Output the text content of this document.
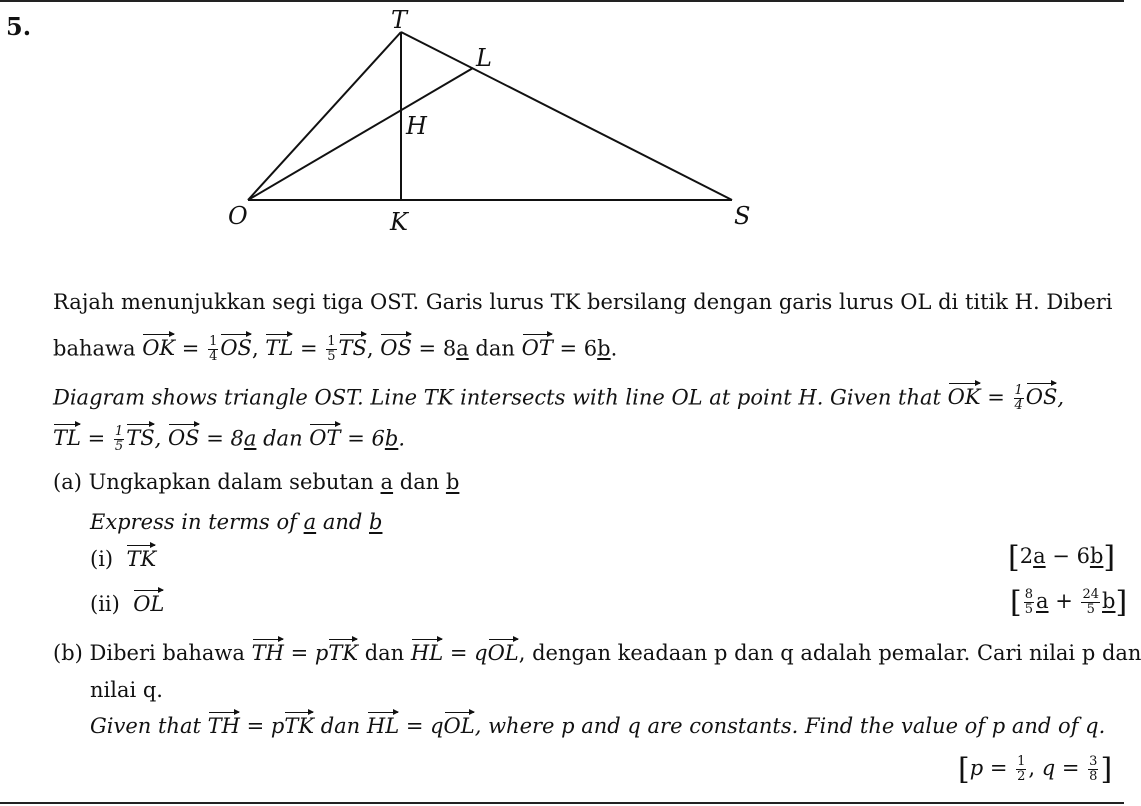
5.	T
L
H
O	K	S
Rajah menunjukkan segi tiga OST. Garis lurus TK bersilang dengan garis lurus OL di titik H. Diberi
bahawa OK = $\frac{1}{4}$ OS, TL = $\frac{1}{5}$ TS, OS = 8a dan OT = 6b.
Diagram shows triangle OST. Line TK intersects with line OL at point H. Given that OK = $\frac{1}{4}$ OS,
TL = $\frac{1}{5}$ TS, OS = 8a dan OT = 6b.
(a) Ungkapkan dalam sebutan a dan b
Express in terms of a and b
(i) TK	[2a − 6b]
(ii) OL	[ $\frac{8}{5}$ $a + \frac{24}{5} b$]
(b) Diberi bahawa TH = pTK dan HL = qOL, dengan keadaan p dan q adalah pemalar. Cari nilai p dan
nilai q.
Given that TH = pTK dan HL = qOL, where p and q are constants. Find the value of p and of q.
[$p = \frac{1}{2}$ , $q = \frac{3}{8}$ ]
